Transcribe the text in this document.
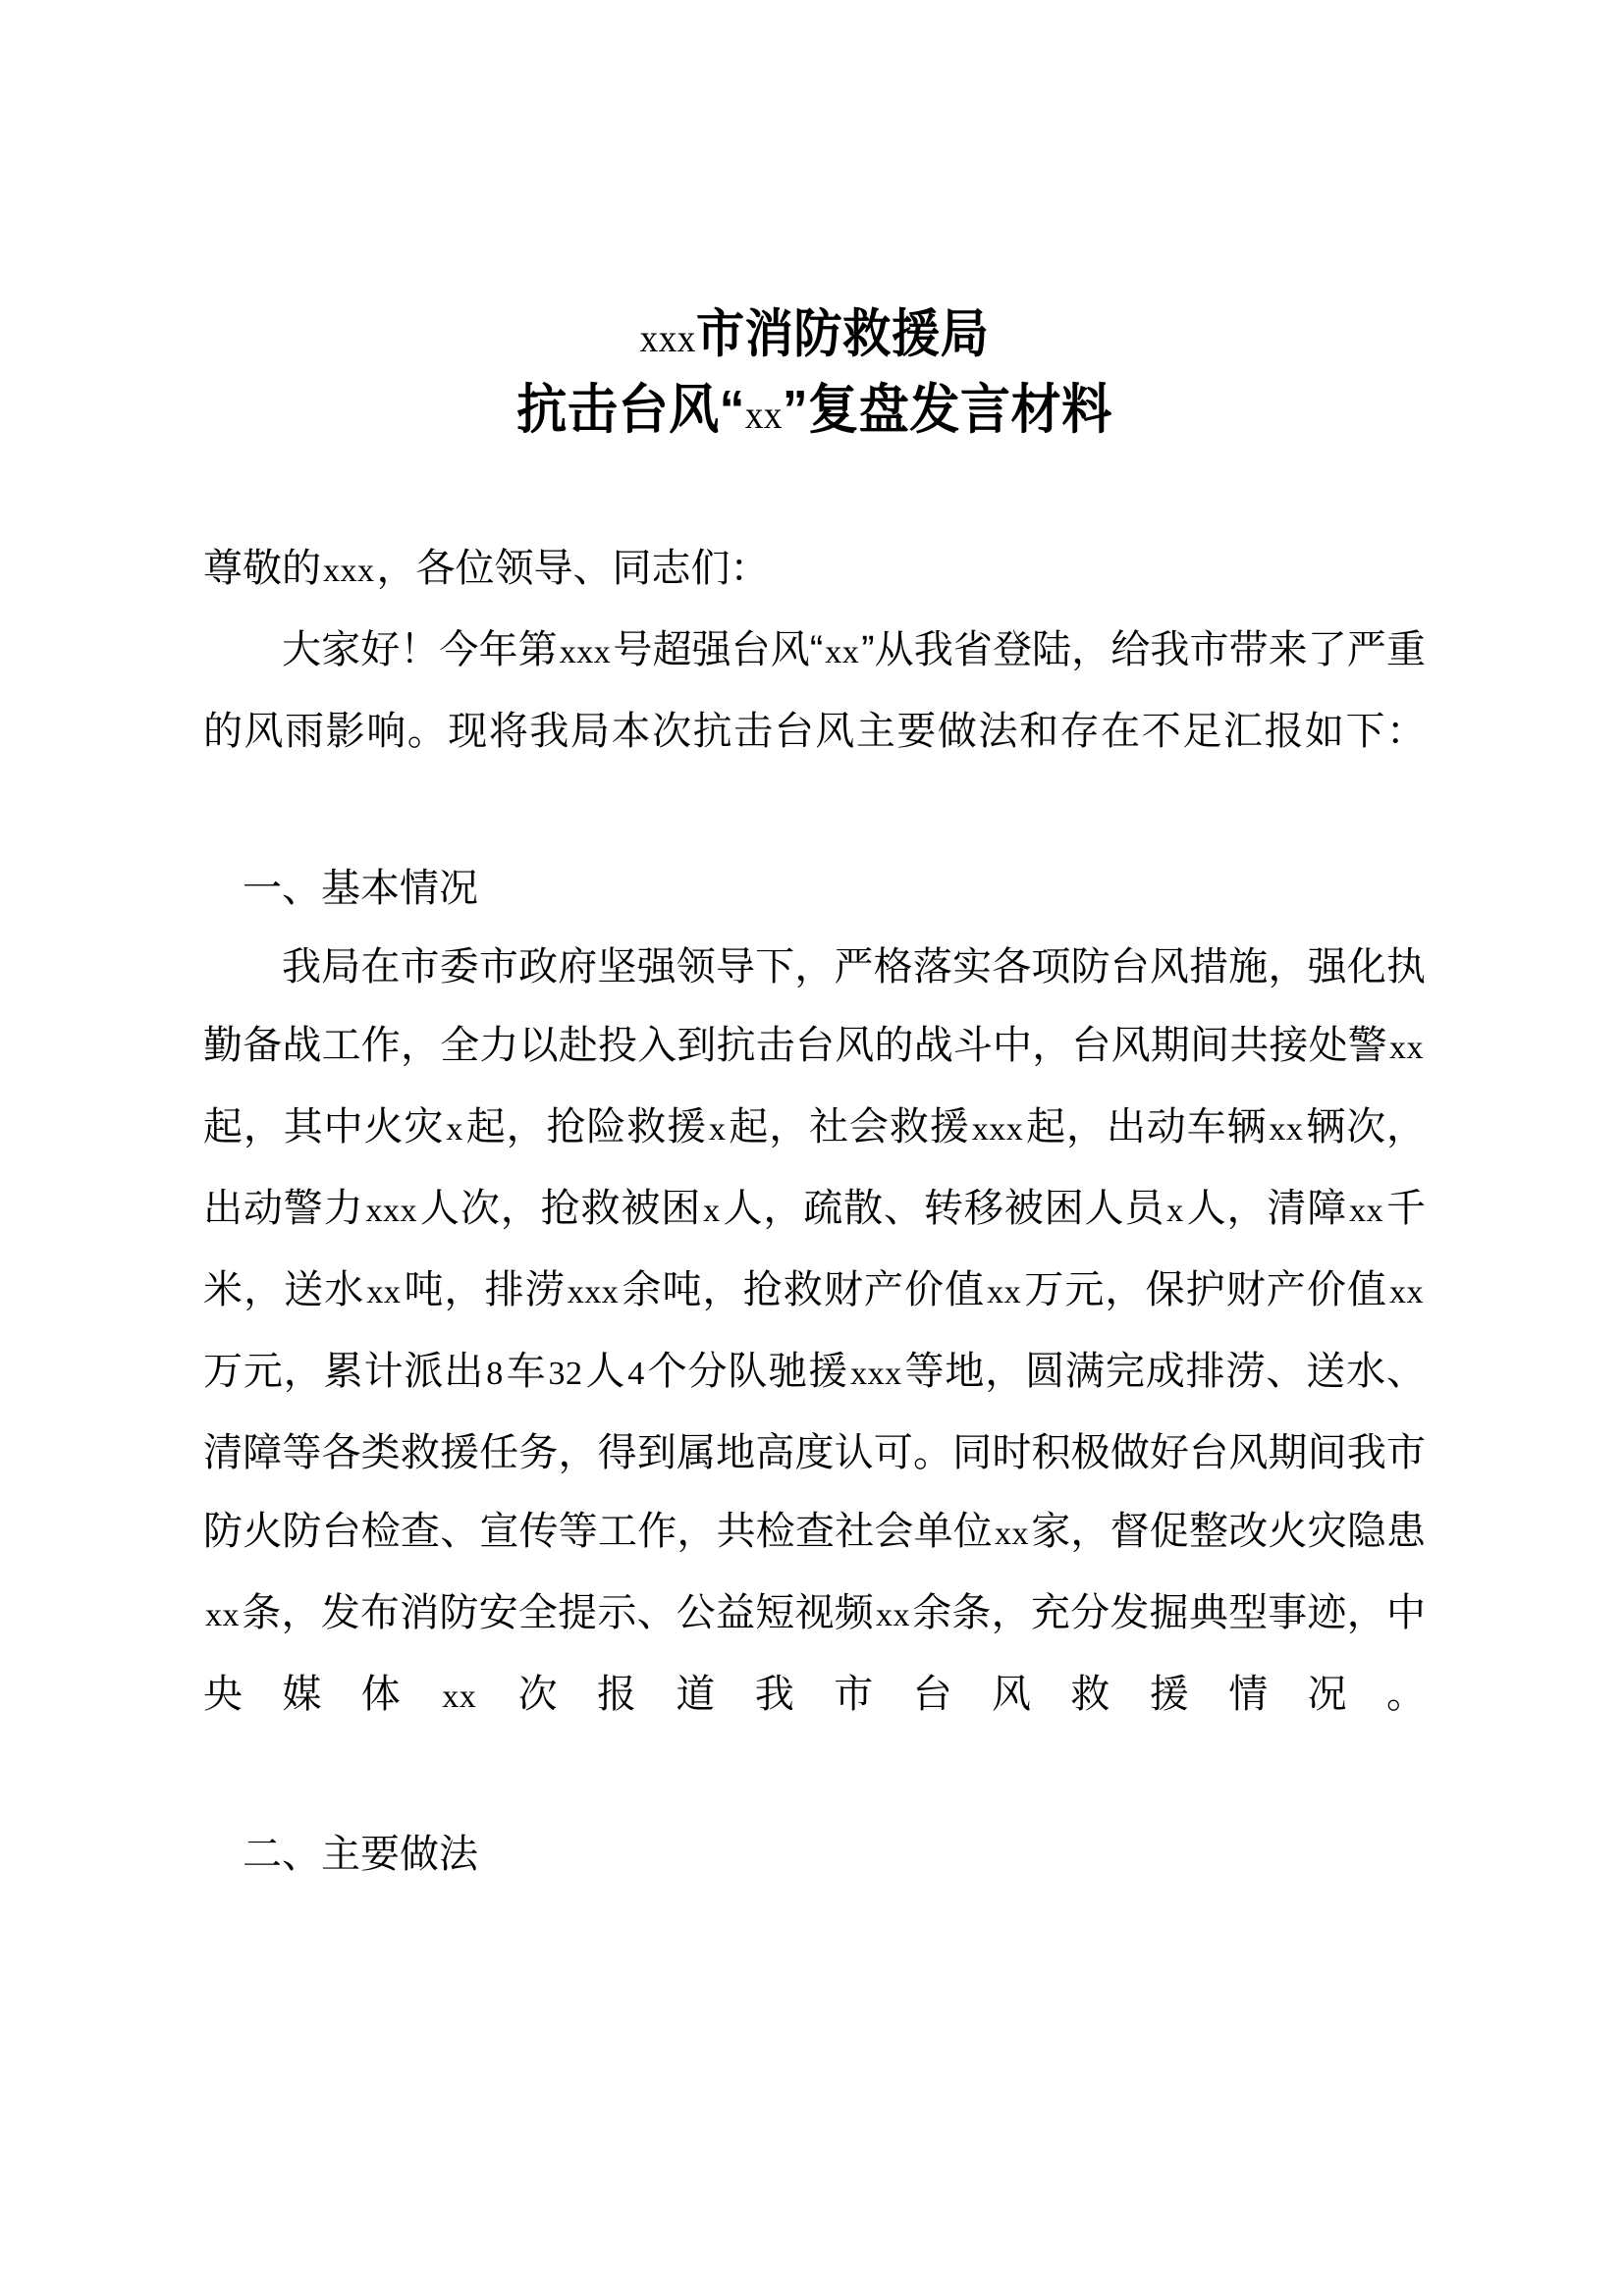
xxx市消防救援局
抗击台风“xx”复盘发言材料

尊敬的xxx，各位领导、同志们：

大家好！今年第xxx号超强台风“xx”从我省登陆，给我市带来了严重的风雨影响。现将我局本次抗击台风主要做法和存在不足汇报如下：

一、基本情况

我局在市委市政府坚强领导下，严格落实各项防台风措施，强化执勤备战工作，全力以赴投入到抗击台风的战斗中，台风期间共接处警xx起，其中火灾x起，抢险救援x起，社会救援xxx起，出动车辆xx辆次，出动警力xxx人次，抢救被困x人，疏散、转移被困人员x人，清障xx千米，送水xx吨，排涝xxx余吨，抢救财产价值xx万元，保护财产价值xx万元，累计派出8车32人4个分队驰援xxx等地，圆满完成排涝、送水、清障等各类救援任务，得到属地高度认可。同时积极做好台风期间我市防火防台检查、宣传等工作，共检查社会单位xx家，督促整改火灾隐患xx条，发布消防安全提示、公益短视频xx余条，充分发掘典型事迹，中央媒体xx次报道我市台风救援情况。

二、主要做法
